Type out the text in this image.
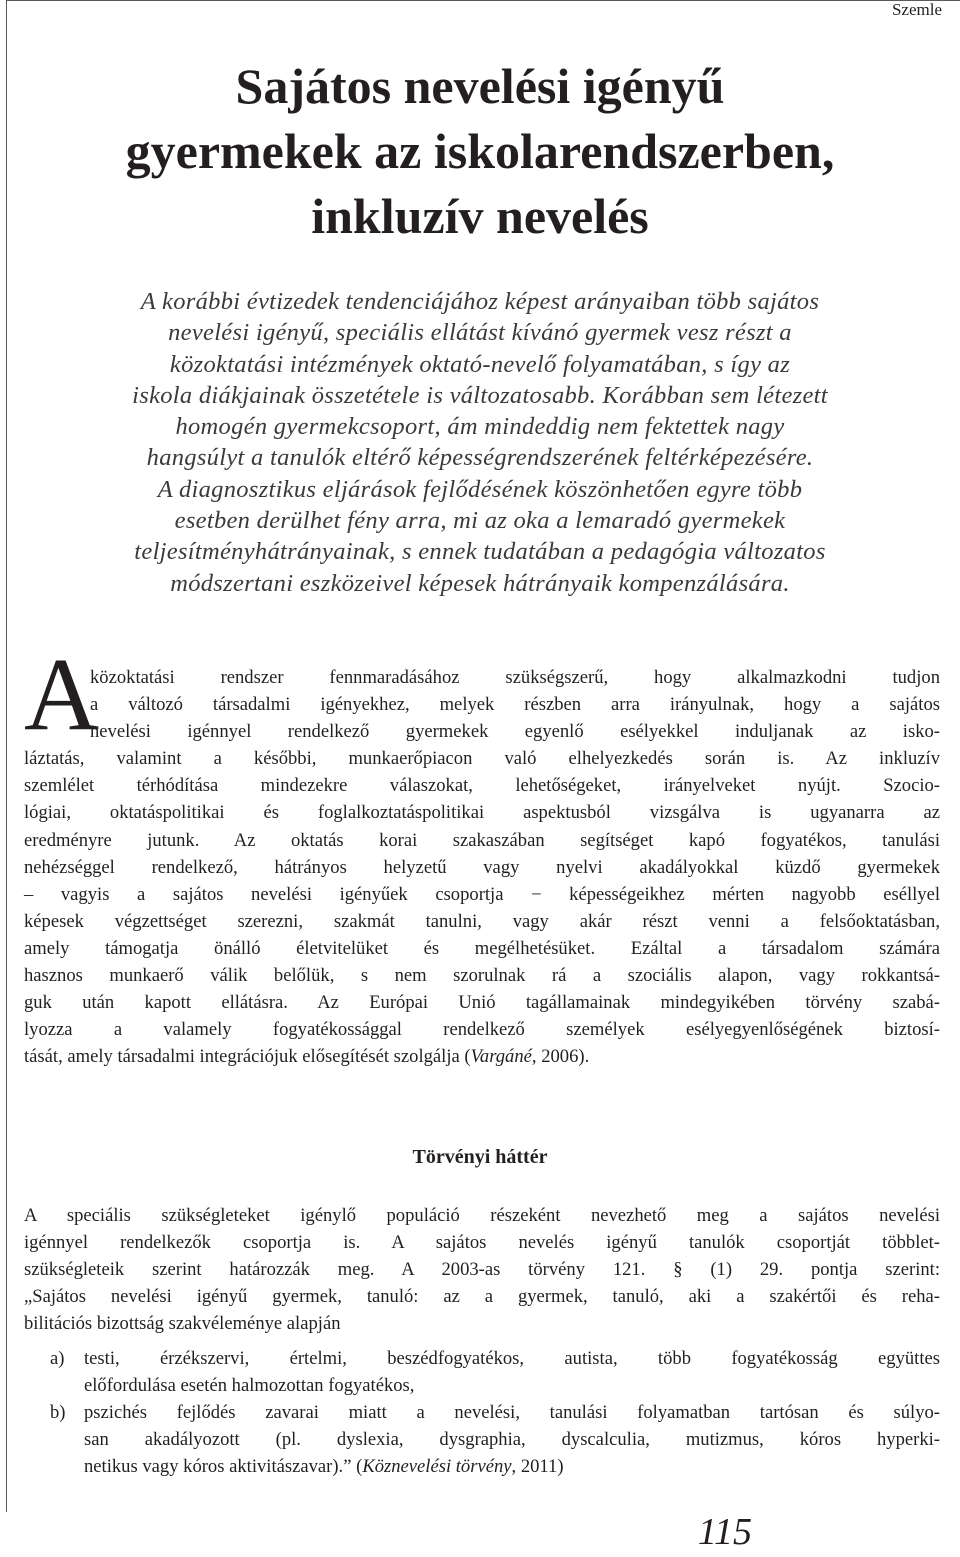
Szemle
Sajátos nevelési igényű
gyermekek az iskolarendszerben,
inkluzív nevelés

A korábbi évtizedek tendenciájához képest arányaiban több sajátos
nevelési igényű, speciális ellátást kívánó gyermek vesz részt a
közoktatási intézmények oktató-nevelő folyamatában, s így az
iskola diákjainak összetétele is változatosabb. Korábban sem létezett
homogén gyermekcsoport, ám mindeddig nem fektettek nagy
hangsúlyt a tanulók eltérő képességrendszerének feltérképezésére.
A diagnosztikus eljárások fejlődésének köszönhetően egyre több
esetben derülhet fény arra, mi az oka a lemaradó gyermekek
teljesítményhátrányainak, s ennek tudatában a pedagógia változatos
módszertani eszközeivel képesek hátrányaik kompenzálására.

A
közoktatási rendszer fennmaradásához szükségszerű, hogy alkalmazkodni tudjon
a változó társadalmi igényekhez, melyek részben arra irányulnak, hogy a sajátos
nevelési igénnyel rendelkező gyermekek egyenlő esélyekkel induljanak az isko-
láztatás, valamint a későbbi, munkaerőpiacon való elhelyezkedés során is. Az inkluzív
szemlélet térhódítása mindezekre válaszokat, lehetőségeket, irányelveket nyújt. Szocio-
lógiai, oktatáspolitikai és foglalkoztatáspolitikai aspektusból vizsgálva is ugyanarra az
eredményre jutunk. Az oktatás korai szakaszában segítséget kapó fogyatékos, tanulási
nehézséggel rendelkező, hátrányos helyzetű vagy nyelvi akadályokkal küzdő gyermekek
– vagyis a sajátos nevelési igényűek csoportja − képességeikhez mérten nagyobb eséllyel
képesek végzettséget szerezni, szakmát tanulni, vagy akár részt venni a felsőoktatásban,
amely támogatja önálló életvitelüket és megélhetésüket. Ezáltal a társadalom számára
hasznos munkaerő válik belőlük, s nem szorulnak rá a szociális alapon, vagy rokkantsá-
guk után kapott ellátásra. Az Európai Unió tagállamainak mindegyikében törvény szabá-
lyozza a valamely fogyatékossággal rendelkező személyek esélyegyenlőségének biztosí-
tását, amely társadalmi integrációjuk elősegítését szolgálja (Vargáné, 2006).
Törvényi háttér
A speciális szükségleteket igénylő populáció részeként nevezhető meg a sajátos nevelési
igénnyel rendelkezők csoportja is. A sajátos nevelés igényű tanulók csoportját többlet-
szükségleteik szerint határozzák meg. A 2003-as törvény 121. § (1) 29. pontja szerint:
„Sajátos nevelési igényű gyermek, tanuló: az a gyermek, tanuló, aki a szakértői és reha-
bilitációs bizottság szakvéleménye alapján
a)	testi, érzékszervi, értelmi, beszédfogyatékos, autista, több fogyatékosság együttes
előfordulása esetén halmozottan fogyatékos,
b) pszichés fejlődés zavarai miatt a nevelési, tanulási folyamatban tartósan és súlyo-
san akadályozott (pl. dyslexia, dysgraphia, dyscalculia, mutizmus, kóros hyperki-
netikus vagy kóros aktivitászavar).” (Köznevelési törvény, 2011)
115
